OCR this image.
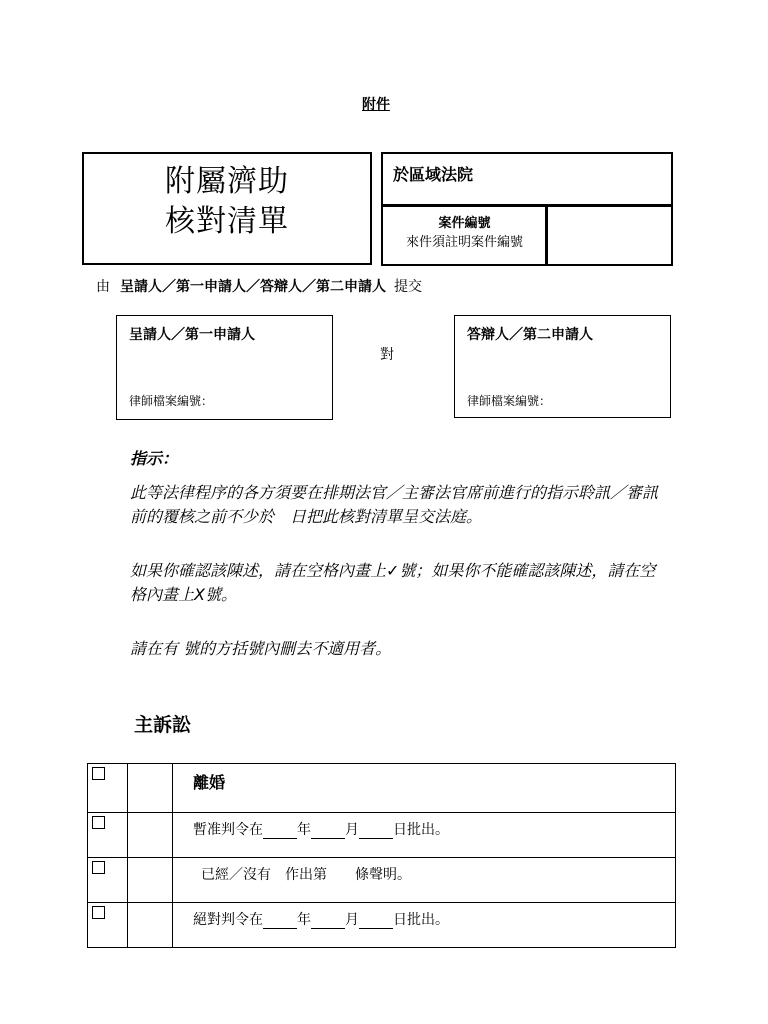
附件
附屬濟助
核對清單
於區域法院
案件編號
來件須註明案件編號
由 呈請人／第一申請人／答辯人／第二申請人 提交
呈請人／第一申請人
律師檔案編號：
對
答辯人／第二申請人
律師檔案編號：
指示：
此等法律程序的各方須要在排期法官／主審法官席前進行的指示聆訊／審訊前的覆核之前不少於　日把此核對清單呈交法庭。
如果你確認該陳述，請在空格內畫上✓號；如果你不能確認該陳述，請在空格內畫上X號。
請在有 號的方括號內刪去不適用者。
主訴訟
		離婚
		暫准判令在 年 月 日批出。
		已經／沒有　作出第　　條聲明。
		絕對判令在 年 月 日批出。
